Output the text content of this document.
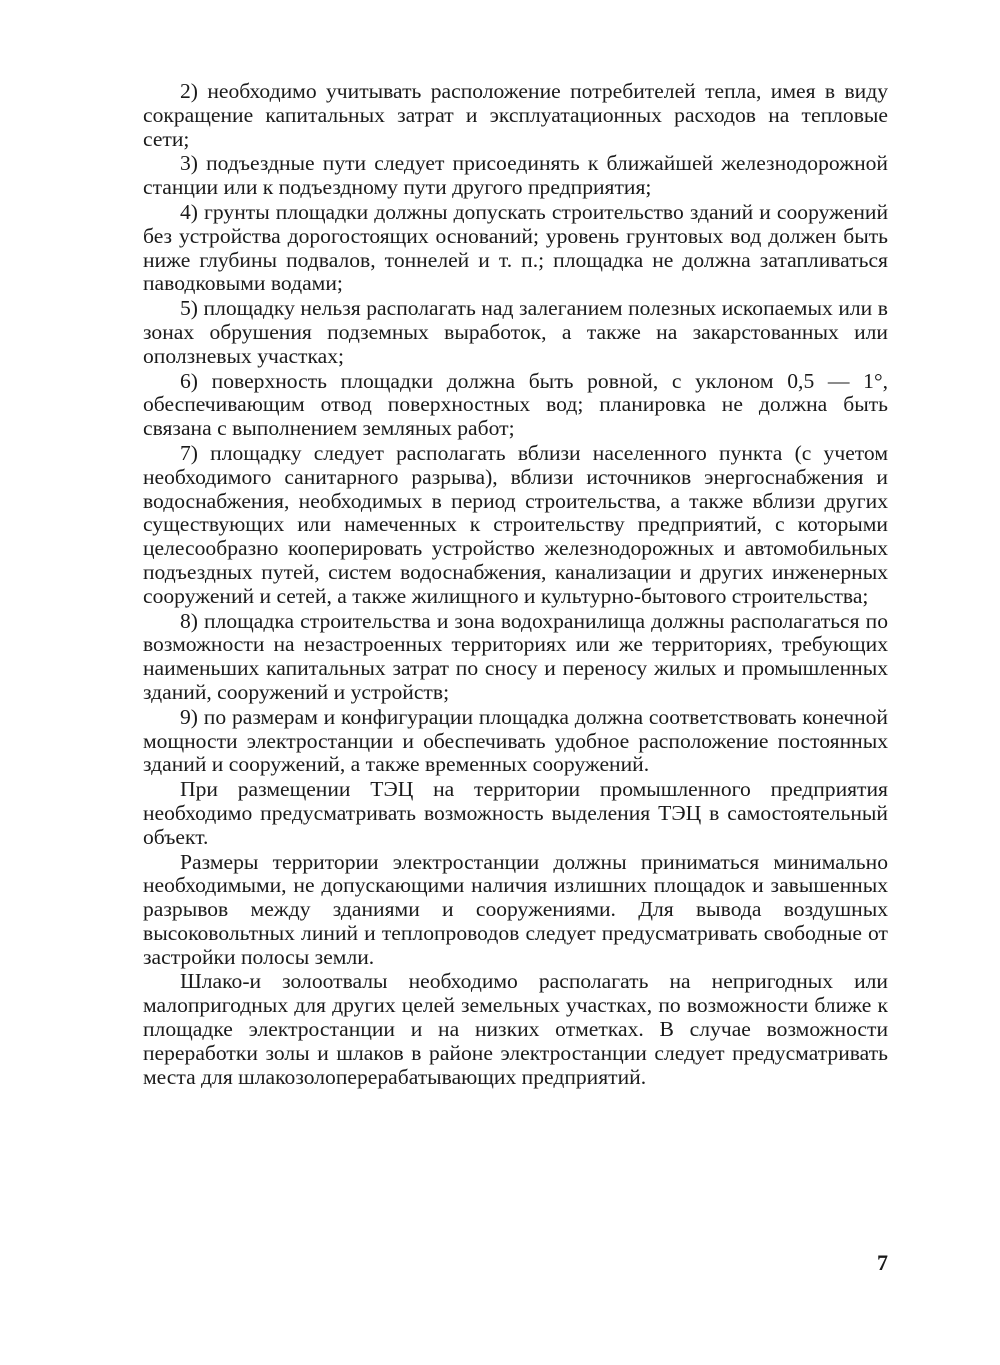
2) необходимо учитывать расположение потребителей тепла, имея в виду сокращение капитальных затрат и эксплуатационных расходов на тепловые сети;

3) подъездные пути следует присоединять к ближайшей железнодорожной станции или к подъездному пути другого предприятия;

4) грунты площадки должны допускать строительство зданий и сооружений без устройства дорогостоящих оснований; уровень грунтовых вод должен быть ниже глубины подвалов, тоннелей и т. п.; площадка не должна затапливаться паводковыми водами;

5) площадку нельзя располагать над залеганием полезных ископаемых или в зонах обрушения подземных выработок, а также на закарстованных или оползневых участках;

6) поверхность площадки должна быть ровной, с уклоном 0,5 — 1°, обеспечивающим отвод поверхностных вод; планировка не должна быть связана с выполнением земляных работ;

7) площадку следует располагать вблизи населенного пункта (с учетом необходимого санитарного разрыва), вблизи источников энергоснабжения и водоснабжения, необходимых в период строительства, а также вблизи других существующих или намеченных к строительству предприятий, с которыми целесообразно кооперировать устройство железнодорожных и автомобильных подъездных путей, систем водоснабжения, канализации и других инженерных сооружений и сетей, а также жилищного и культурно-бытового строительства;

8) площадка строительства и зона водохранилища должны располагаться по возможности на незастроенных территориях или же территориях, требующих наименьших капитальных затрат по сносу и переносу жилых и промышленных зданий, сооружений и устройств;

9) по размерам и конфигурации площадка должна соответствовать конечной мощности электростанции и обеспечивать удобное расположение постоянных зданий и сооружений, а также временных сооружений.

При размещении ТЭЦ на территории промышленного предприятия необходимо предусматривать возможность выделения ТЭЦ в самостоятельный объект.

Размеры территории электростанции должны приниматься минимально необходимыми, не допускающими наличия излишних площадок и завышенных разрывов между зданиями и сооружениями. Для вывода воздушных высоковольтных линий и теплопроводов следует предусматривать свободные от застройки полосы земли.

Шлако-и золоотвалы необходимо располагать на непригодных или малопригодных для других целей земельных участках, по возможности ближе к площадке электростанции и на низких отметках. В случае возможности переработки золы и шлаков в районе электростанции следует предусматривать места для шлакозолоперерабатывающих предприятий.

7
